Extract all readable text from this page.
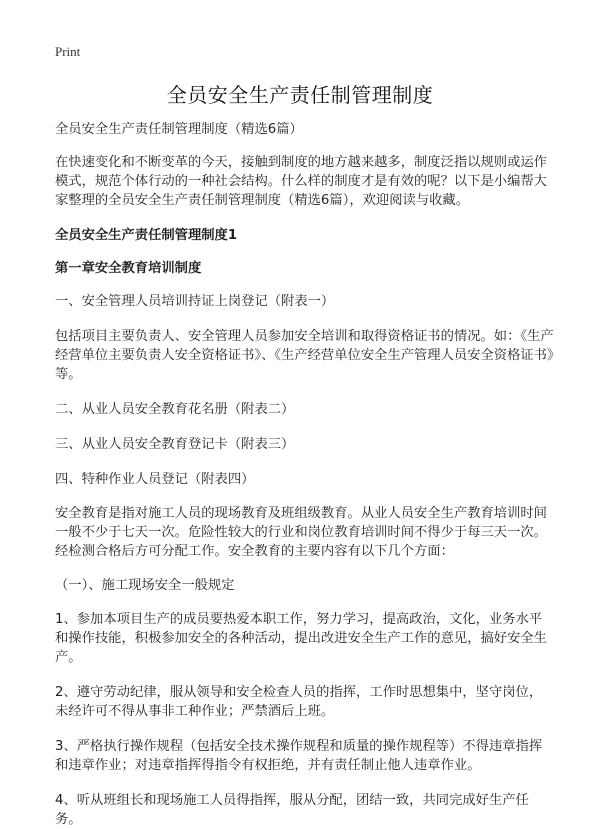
Print
全员安全生产责任制管理制度

全员安全生产责任制管理制度（精选6篇）

在快速变化和不断变革的今天，接触到制度的地方越来越多，制度泛指以规则或运作模式，规范个体行动的一种社会结构。什么样的制度才是有效的呢？以下是小编帮大家整理的全员安全生产责任制管理制度（精选6篇），欢迎阅读与收藏。

全员安全生产责任制管理制度1

第一章安全教育培训制度

一、安全管理人员培训持证上岗登记（附表一）

包括项目主要负责人、安全管理人员参加安全培训和取得资格证书的情况。如：《生产经营单位主要负责人安全资格证书》、《生产经营单位安全生产管理人员安全资格证书》等。

二、从业人员安全教育花名册（附表二）

三、从业人员安全教育登记卡（附表三）

四、特种作业人员登记（附表四）

安全教育是指对施工人员的现场教育及班组级教育。从业人员安全生产教育培训时间一般不少于七天一次。危险性较大的行业和岗位教育培训时间不得少于每三天一次。经检测合格后方可分配工作。安全教育的主要内容有以下几个方面：

（一）、施工现场安全一般规定

1、参加本项目生产的成员要热爱本职工作，努力学习，提高政治，文化，业务水平和操作技能，积极参加安全的各种活动，提出改进安全生产工作的意见，搞好安全生产。

2、遵守劳动纪律，服从领导和安全检查人员的指挥，工作时思想集中，坚守岗位，未经许可不得从事非工种作业；严禁酒后上班。

3、严格执行操作规程（包括安全技术操作规程和质量的操作规程等）不得违章指挥和违章作业；对违章指挥得指令有权拒绝，并有责任制止他人违章作业。

4、听从班组长和现场施工人员得指挥，服从分配，团结一致，共同完成好生产任务。
